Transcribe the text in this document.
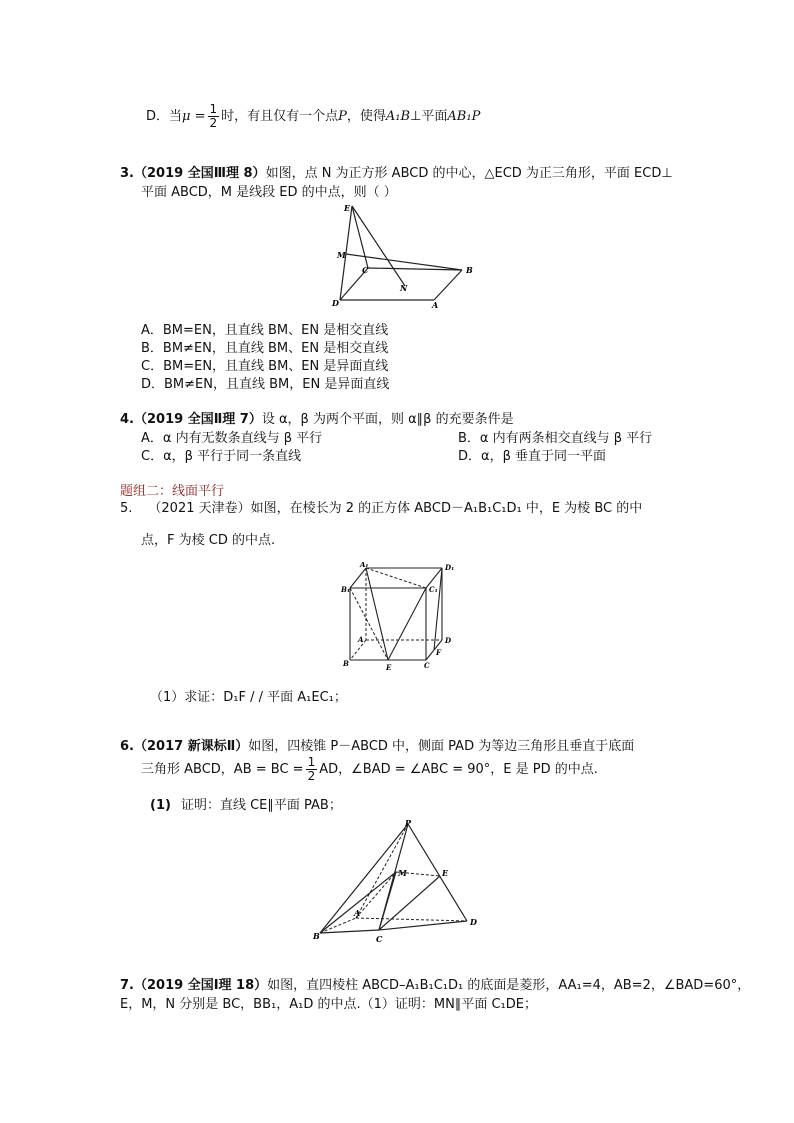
D．当$\mu = \frac{1}{2}$ 时，有且仅有一个点P，使得A₁B⊥平面AB₁P
3.（2019 全国Ⅲ理 8）如图，点 N 为正方形 ABCD 的中心，△ECD 为正三角形，平面 ECD⊥
平面 ABCD，M 是线段 ED 的中点，则（ ）
E
M
C
N
B
D	A
A．BM=EN，且直线 BM、EN 是相交直线
B．BM≠EN，且直线 BM、EN 是相交直线
C．BM=EN，且直线 BM、EN 是异面直线
D．BM≠EN，且直线 BM，EN 是异面直线
4.（2019 全国Ⅱ理 7）设 α，β 为两个平面，则 α∥β 的充要条件是
A．α 内有无数条直线与 β 平行	B．α 内有两条相交直线与 β 平行
C．α，β 平行于同一条直线	D．α，β 垂直于同一平面
题组二：线面平行
5. （2021 天津卷）如图，在棱长为 2 的正方体 ABCD－A₁B₁C₁D₁ 中，E 为棱 BC 的中
点，F 为棱 CD 的中点.
A₁	D₁
B₁	C₁
A	D
F
B	E	C
（1）求证：D₁F / / 平面 A₁EC₁；
6.（2017 新课标Ⅱ）如图，四棱锥 P－ABCD 中，侧面 PAD 为等边三角形且垂直于底面
三角形 ABCD，AB = BC = $\frac{1}{2}$ AD，∠BAD = ∠ABC = 90°，E 是 PD 的中点.
(1) 证明：直线 CE∥平面 PAB；
P
M	E
A
B	C
D
7.（2019 全国Ⅰ理 18）如图，直四棱柱 ABCD–A₁B₁C₁D₁ 的底面是菱形，AA₁=4，AB=2，∠BAD=60°，
E，M，N 分别是 BC，BB₁，A₁D 的中点.（1）证明：MN∥平面 C₁DE；
